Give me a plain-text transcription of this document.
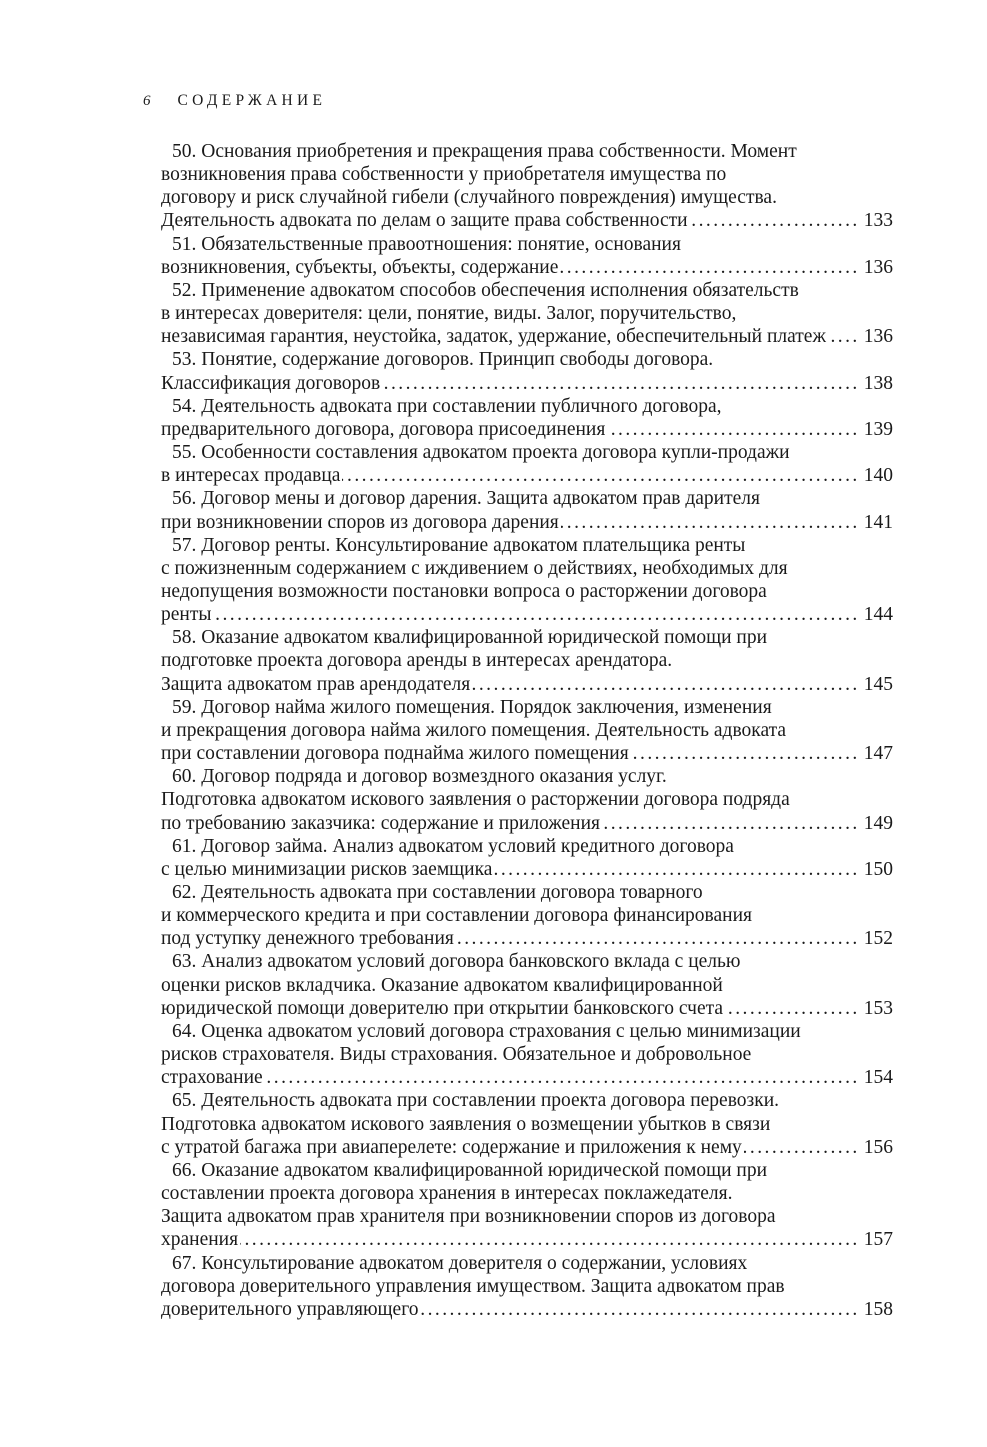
6 СОДЕРЖАНИЕ
50. Основания приобретения и прекращения права собственности. Момент
возникновения права собственности у приобретателя имущества по
договору и риск случайной гибели (случайного повреждения) имущества.
Деятельность адвоката по делам о защите права собственности .....	133
51. Обязательственные правоотношения: понятие, основания
возникновения, субъекты, объекты, содержание .....	136
52. Применение адвокатом способов обеспечения исполнения обязательств
в интересах доверителя: цели, понятие, виды. Залог, поручительство,
независимая гарантия, неустойка, задаток, удержание, обеспечительный платеж ..... 136
53. Понятие, содержание договоров. Принцип свободы договора.
Классификация договоров .....	138
54. Деятельность адвоката при составлении публичного договора,
предварительного договора, договора присоединения .....	139
55. Особенности составления адвокатом проекта договора купли-продажи
в интересах продавца .....	140
56. Договор мены и договор дарения. Защита адвокатом прав дарителя
при возникновении споров из договора дарения .....	141
57. Договор ренты. Консультирование адвокатом плательщика ренты
с пожизненным содержанием с иждивением о действиях, необходимых для
недопущения возможности постановки вопроса о расторжении договора
ренты .....	144
58. Оказание адвокатом квалифицированной юридической помощи при
подготовке проекта договора аренды в интересах арендатора.
Защита адвокатом прав арендодателя .....	145
59. Договор найма жилого помещения. Порядок заключения, изменения
и прекращения договора найма жилого помещения. Деятельность адвоката
при составлении договора поднайма жилого помещения .....	147
60. Договор подряда и договор возмездного оказания услуг.
Подготовка адвокатом искового заявления о расторжении договора подряда
по требованию заказчика: содержание и приложения .....	149
61. Договор займа. Анализ адвокатом условий кредитного договора
с целью минимизации рисков заемщика .....	150
62. Деятельность адвоката при составлении договора товарного
и коммерческого кредита и при составлении договора финансирования
под уступку денежного требования .....	152
63. Анализ адвокатом условий договора банковского вклада с целью
оценки рисков вкладчика. Оказание адвокатом квалифицированной
юридической помощи доверителю при открытии банковского счета .....	153
64. Оценка адвокатом условий договора страхования с целью минимизации
рисков страхователя. Виды страхования. Обязательное и добровольное
страхование .....	154
65. Деятельность адвоката при составлении проекта договора перевозки.
Подготовка адвокатом искового заявления о возмещении убытков в связи
с утратой багажа при авиаперелете: содержание и приложения к нему .....	156
66. Оказание адвокатом квалифицированной юридической помощи при
составлении проекта договора хранения в интересах поклажедателя.
Защита адвокатом прав хранителя при возникновении споров из договора
хранения .....	157
67. Консультирование адвокатом доверителя о содержании, условиях
договора доверительного управления имуществом. Защита адвокатом прав
доверительного управляющего .....	158
